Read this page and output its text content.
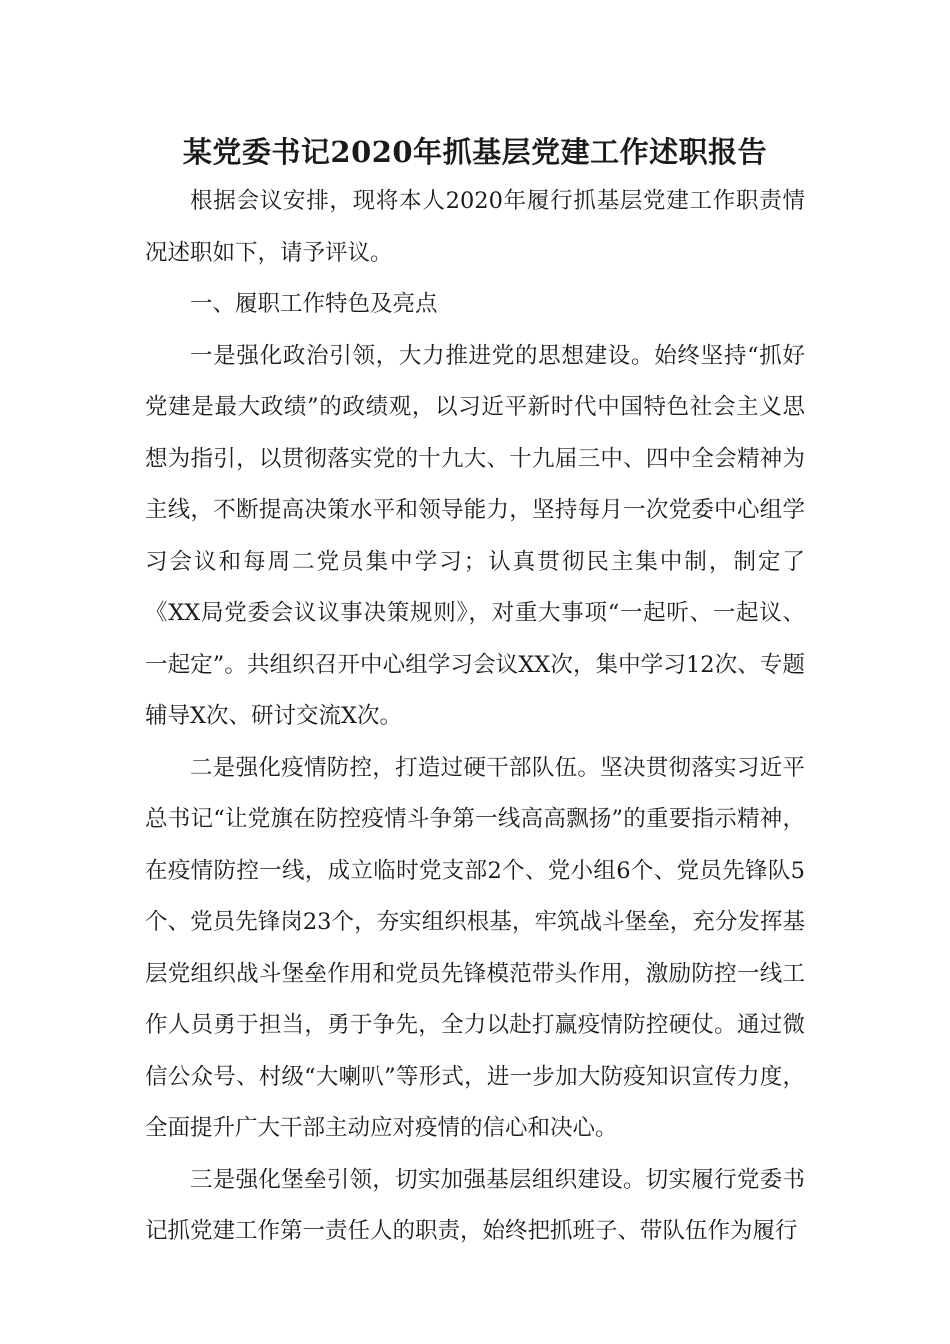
某党委书记2020年抓基层党建工作述职报告

根据会议安排，现将本人2020年履行抓基层党建工作职责情况述职如下，请予评议。

一、履职工作特色及亮点

一是强化政治引领，大力推进党的思想建设。始终坚持“抓好党建是最大政绩”的政绩观，以习近平新时代中国特色社会主义思想为指引，以贯彻落实党的十九大、十九届三中、四中全会精神为主线，不断提高决策水平和领导能力，坚持每月一次党委中心组学习会议和每周二党员集中学习；认真贯彻民主集中制，制定了《XX局党委会议议事决策规则》，对重大事项“一起听、一起议、一起定”。共组织召开中心组学习会议XX次，集中学习12次、专题辅导X次、研讨交流X次。

二是强化疫情防控，打造过硬干部队伍。坚决贯彻落实习近平总书记“让党旗在防控疫情斗争第一线高高飘扬”的重要指示精神，在疫情防控一线，成立临时党支部2个、党小组6个、党员先锋队5个、党员先锋岗23个，夯实组织根基，牢筑战斗堡垒，充分发挥基层党组织战斗堡垒作用和党员先锋模范带头作用，激励防控一线工作人员勇于担当，勇于争先，全力以赴打赢疫情防控硬仗。通过微信公众号、村级“大喇叭”等形式，进一步加大防疫知识宣传力度，全面提升广大干部主动应对疫情的信心和决心。

三是强化堡垒引领，切实加强基层组织建设。切实履行党委书记抓党建工作第一责任人的职责，始终把抓班子、带队伍作为履行
